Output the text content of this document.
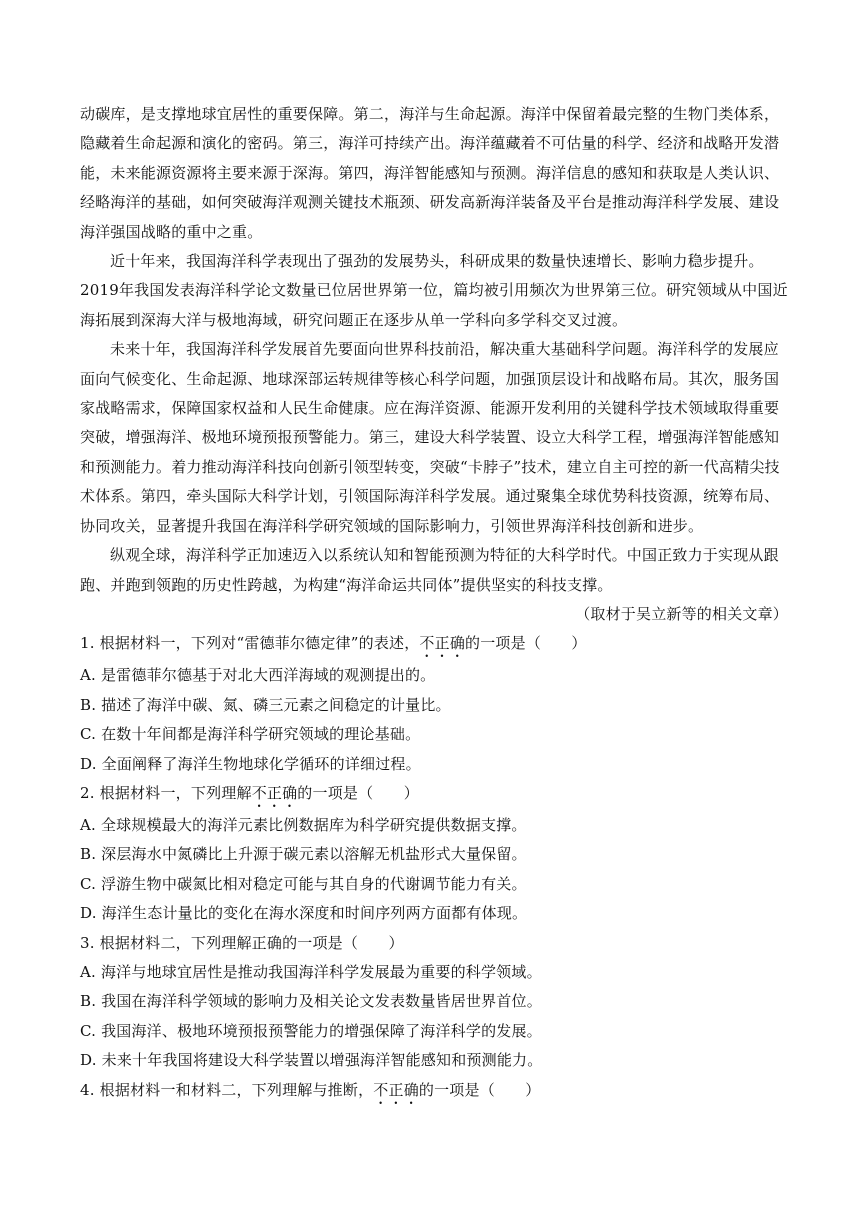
动碳库，是支撑地球宜居性的重要保障。第二，海洋与生命起源。海洋中保留着最完整的生物门类体系，隐藏着生命起源和演化的密码。第三，海洋可持续产出。海洋蕴藏着不可估量的科学、经济和战略开发潜能，未来能源资源将主要来源于深海。第四，海洋智能感知与预测。海洋信息的感知和获取是人类认识、经略海洋的基础，如何突破海洋观测关键技术瓶颈、研发高新海洋装备及平台是推动海洋科学发展、建设海洋强国战略的重中之重。

近十年来，我国海洋科学表现出了强劲的发展势头，科研成果的数量快速增长、影响力稳步提升。2019年我国发表海洋科学论文数量已位居世界第一位，篇均被引用频次为世界第三位。研究领域从中国近海拓展到深海大洋与极地海域，研究问题正在逐步从单一学科向多学科交叉过渡。

未来十年，我国海洋科学发展首先要面向世界科技前沿，解决重大基础科学问题。海洋科学的发展应面向气候变化、生命起源、地球深部运转规律等核心科学问题，加强顶层设计和战略布局。其次，服务国家战略需求，保障国家权益和人民生命健康。应在海洋资源、能源开发利用的关键科学技术领域取得重要突破，增强海洋、极地环境预报预警能力。第三，建设大科学装置、设立大科学工程，增强海洋智能感知和预测能力。着力推动海洋科技向创新引领型转变，突破“卡脖子”技术，建立自主可控的新一代高精尖技术体系。第四，牵头国际大科学计划，引领国际海洋科学发展。通过聚集全球优势科技资源，统筹布局、协同攻关，显著提升我国在海洋科学研究领域的国际影响力，引领世界海洋科技创新和进步。

纵观全球，海洋科学正加速迈入以系统认知和智能预测为特征的大科学时代。中国正致力于实现从跟跑、并跑到领跑的历史性跨越，为构建“海洋命运共同体”提供坚实的科技支撑。

（取材于吴立新等的相关文章）

1. 根据材料一，下列对“雷德菲尔德定律”的表述，不正确的一项是（　　）

A. 是雷德菲尔德基于对北大西洋海域的观测提出的。

B. 描述了海洋中碳、氮、磷三元素之间稳定的计量比。

C. 在数十年间都是海洋科学研究领域的理论基础。

D. 全面阐释了海洋生物地球化学循环的详细过程。

2. 根据材料一，下列理解不正确的一项是（　　）

A. 全球规模最大的海洋元素比例数据库为科学研究提供数据支撑。

B. 深层海水中氮磷比上升源于碳元素以溶解无机盐形式大量保留。

C. 浮游生物中碳氮比相对稳定可能与其自身的代谢调节能力有关。

D. 海洋生态计量比的变化在海水深度和时间序列两方面都有体现。

3. 根据材料二，下列理解正确的一项是（　　）

A. 海洋与地球宜居性是推动我国海洋科学发展最为重要的科学领域。

B. 我国在海洋科学领域的影响力及相关论文发表数量皆居世界首位。

C. 我国海洋、极地环境预报预警能力的增强保障了海洋科学的发展。

D. 未来十年我国将建设大科学装置以增强海洋智能感知和预测能力。

4. 根据材料一和材料二，下列理解与推断，不正确的一项是（　　）
